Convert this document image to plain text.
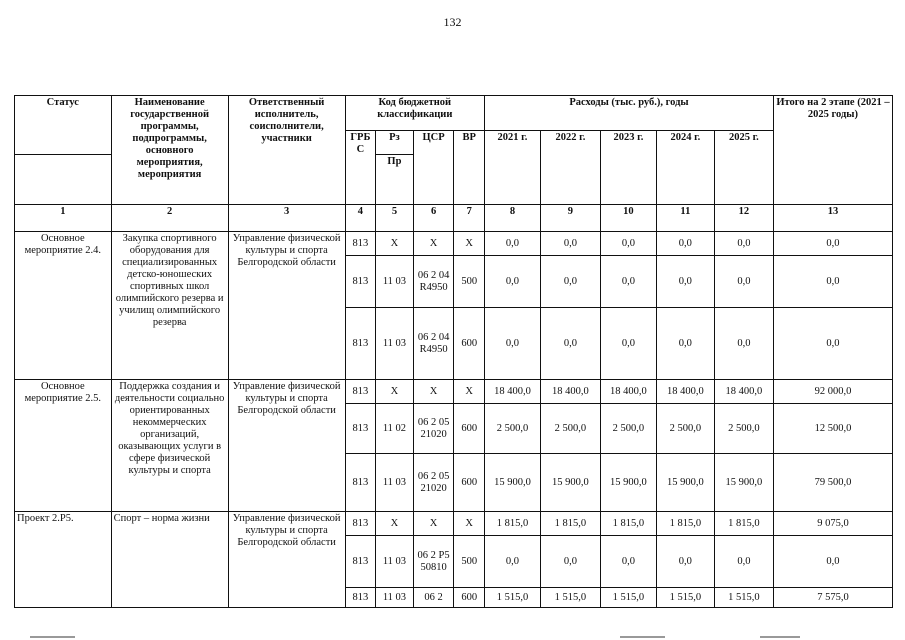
132
Статус	Наименование государственной программы, подпрограммы, основного мероприятия, мероприятия	Ответственный исполнитель, соисполнители, участники	Код бюджетной классификации				Расходы (тыс. руб.), годы					Итого на 2 этапе (2021 – 2025 годы)
			ГРБ С	Рз	ЦСР	ВР	2021 г.	2022 г.	2023 г.	2024 г.	2025 г.	
				Пр								
1	2	3	4	5	6	7	8	9	10	11	12	13
Основное мероприятие 2.4.	Закупка спортивного оборудования для специализированных детско-юношеских спортивных школ олимпийского резерва и училищ олимпийского резерва	Управление физической культуры и спорта Белгородской области	813	X	X	X	0,0	0,0	0,0	0,0	0,0	0,0
			813	11 03	06 2 04 R4950	500	0,0	0,0	0,0	0,0	0,0	0,0
			813	11 03	06 2 04 R4950	600	0,0	0,0	0,0	0,0	0,0	0,0
Основное мероприятие 2.5.	Поддержка создания и деятельности социально ориентированных некоммерческих организаций, оказывающих услуги в сфере физической культуры и спорта	Управление физической культуры и спорта Белгородской области	813	X	X	X	18 400,0	18 400,0	18 400,0	18 400,0	18 400,0	92 000,0
			813	11 02	06 2 05 21020	600	2 500,0	2 500,0	2 500,0	2 500,0	2 500,0	12 500,0
			813	11 03	06 2 05 21020	600	15 900,0	15 900,0	15 900,0	15 900,0	15 900,0	79 500,0
Проект 2.Р5.	Спорт – норма жизни	Управление физической культуры и спорта Белгородской области	813	X	X	X	1 815,0	1 815,0	1 815,0	1 815,0	1 815,0	9 075,0
			813	11 03	06 2 Р5 50810	500	0,0	0,0	0,0	0,0	0,0	0,0
			813	11 03	06 2	600	1 515,0	1 515,0	1 515,0	1 515,0	1 515,0	7 575,0
